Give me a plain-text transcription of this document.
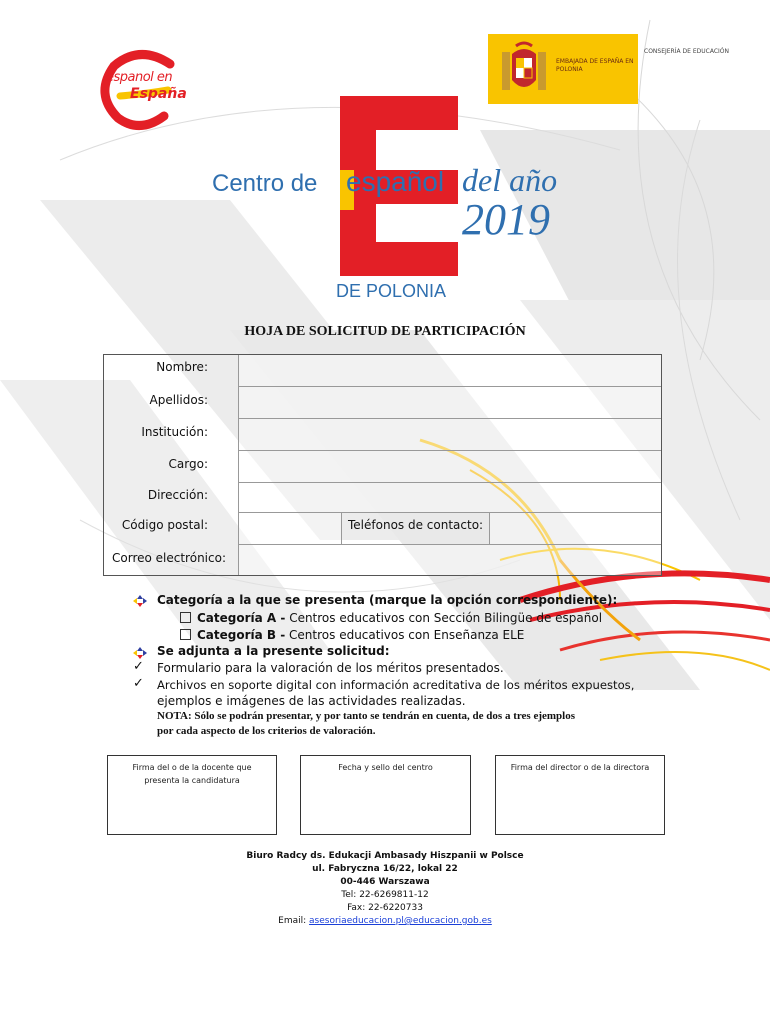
espanol en
España
EMBAJADA DE ESPAÑA EN POLONIA
CONSEJERÍA DE EDUCACIÓN
Centro de español del año
2019
DE POLONIA
HOJA DE SOLICITUD DE PARTICIPACIÓN
Nombre:
Apellidos:
Institución:
Cargo:
Dirección:
Código postal:	Teléfonos de contacto:
Correo electrónico:
Categoría a la que se presenta (marque la opción correspondiente):
Categoría A - Centros educativos con Sección Bilingüe de español
Categoría B - Centros educativos con Enseñanza ELE
Se adjunta a la presente solicitud:
✓ Formulario para la valoración de los méritos presentados.
✓ Archivos en soporte digital con información acreditativa de los méritos expuestos,
ejemplos e imágenes de las actividades realizadas.
NOTA: Sólo se podrán presentar, y por tanto se tendrán en cuenta, de dos a tres ejemplos
por cada aspecto de los criterios de valoración.
Firma del o de la docente que
presenta la candidatura
Fecha y sello del centro	Firma del director o de la directora
Biuro Radcy ds. Edukacji Ambasady Hiszpanii w Polsce
ul. Fabryczna 16/22, lokal 22
00-446 Warszawa
Tel: 22-6269811-12
Fax: 22-6220733
Email: asesoriaeducacion.pl@educacion.gob.es
